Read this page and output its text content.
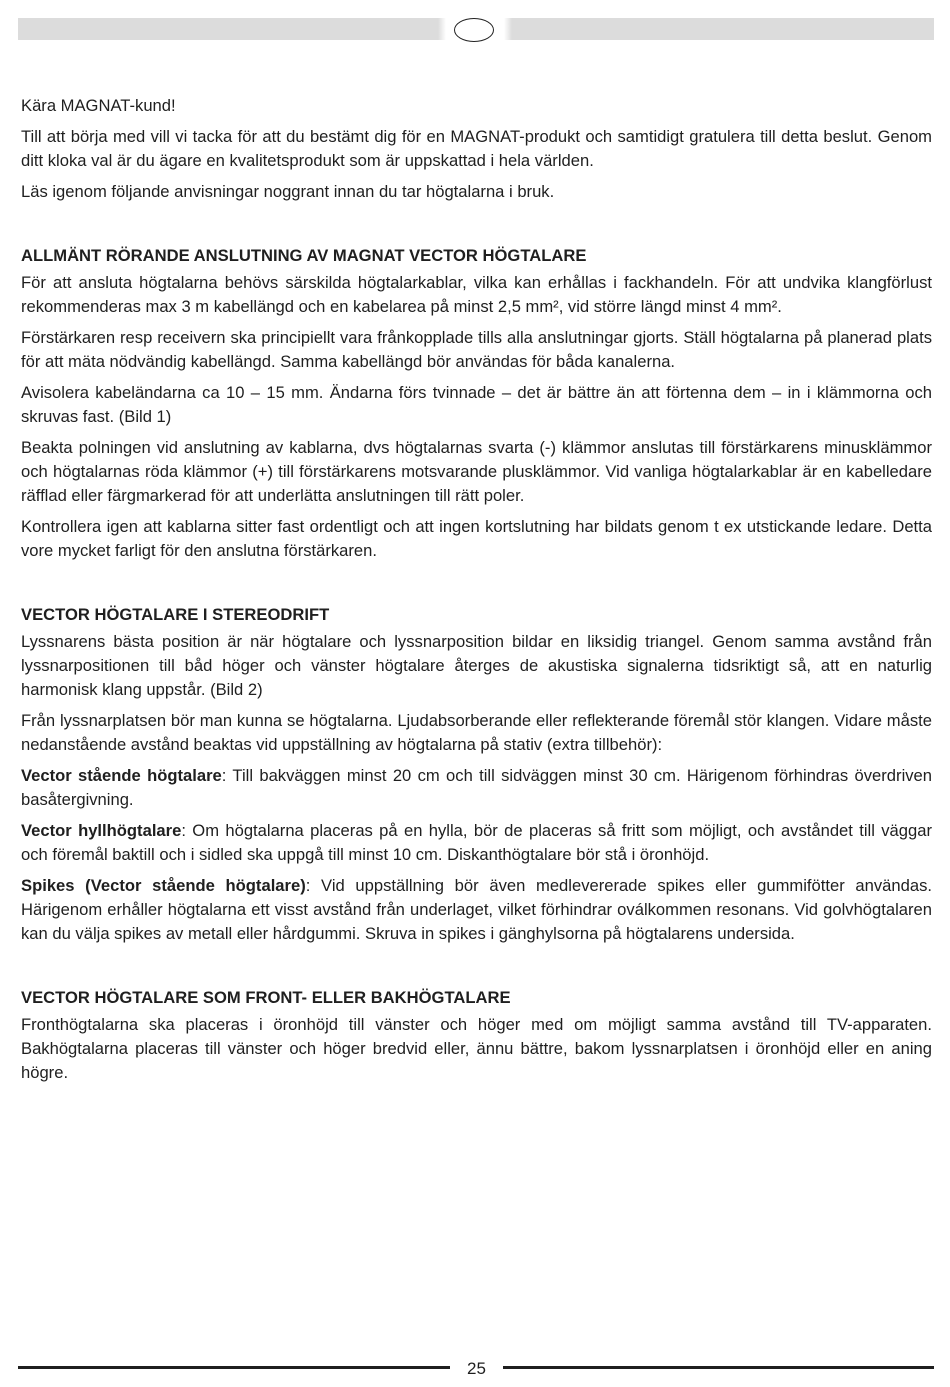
Kära MAGNAT-kund!

Till att börja med vill vi tacka för att du bestämt dig för en MAGNAT-produkt och samtidigt gratulera till detta beslut. Genom ditt kloka val är du ägare en kvalitetsprodukt som är uppskattad i hela världen.

Läs igenom följande anvisningar noggrant innan du tar högtalarna i bruk.

ALLMÄNT RÖRANDE ANSLUTNING AV MAGNAT VECTOR HÖGTALARE

För att ansluta högtalarna behövs särskilda högtalarkablar, vilka kan erhållas i fackhandeln. För att undvika klangförlust rekommenderas max 3 m kabellängd och en kabelarea på minst 2,5 mm², vid större längd minst 4 mm².

Förstärkaren resp receivern ska principiellt vara frånkopplade tills alla anslutningar gjorts. Ställ högtalarna på planerad plats för att mäta nödvändig kabellängd. Samma kabellängd bör användas för båda kanalerna.

Avisolera kabeländarna ca 10 – 15 mm. Ändarna förs tvinnade – det är bättre än att förtenna dem – in i klämmorna och skruvas fast. (Bild 1)

Beakta polningen vid anslutning av kablarna, dvs högtalarnas svarta (-) klämmor anslutas till förstärkarens minusklämmor och högtalarnas röda klämmor (+) till förstärkarens motsvarande plusklämmor. Vid vanliga högtalarkablar är en kabelledare räfflad eller färgmarkerad för att underlätta anslutningen till rätt poler.

Kontrollera igen att kablarna sitter fast ordentligt och att ingen kortslutning har bildats genom t ex utstickande ledare. Detta vore mycket farligt för den anslutna förstärkaren.

VECTOR HÖGTALARE I STEREODRIFT

Lyssnarens bästa position är när högtalare och lyssnarposition bildar en liksidig triangel. Genom samma avstånd från lyssnarpositionen till båd höger och vänster högtalare återges de akustiska signalerna tidsriktigt så, att en naturlig harmonisk klang uppstår. (Bild 2)

Från lyssnarplatsen bör man kunna se högtalarna. Ljudabsorberande eller reflekterande föremål stör klangen. Vidare måste nedanstående avstånd beaktas vid uppställning av högtalarna på stativ (extra tillbehör):

Vector stående högtalare: Till bakväggen minst 20 cm och till sidväggen minst 30 cm. Härigenom förhindras överdriven basåtergivning.

Vector hyllhögtalare: Om högtalarna placeras på en hylla, bör de placeras så fritt som möjligt, och avståndet till väggar och föremål baktill och i sidled ska uppgå till minst 10 cm. Diskanthögtalare bör stå i öronhöjd.

Spikes (Vector stående högtalare): Vid uppställning bör även medlevererade spikes eller gummifötter användas. Härigenom erhåller högtalarna ett visst avstånd från underlaget, vilket förhindrar oválkommen resonans. Vid golvhögtalaren kan du välja spikes av metall eller hårdgummi. Skruva in spikes i gänghylsorna på högtalarens undersida.

VECTOR HÖGTALARE SOM FRONT- ELLER BAKHÖGTALARE

Fronthögtalarna ska placeras i öronhöjd till vänster och höger med om möjligt samma avstånd till TV-apparaten. Bakhögtalarna placeras till vänster och höger bredvid eller, ännu bättre, bakom lyssnarplatsen i öronhöjd eller en aning högre.

25
